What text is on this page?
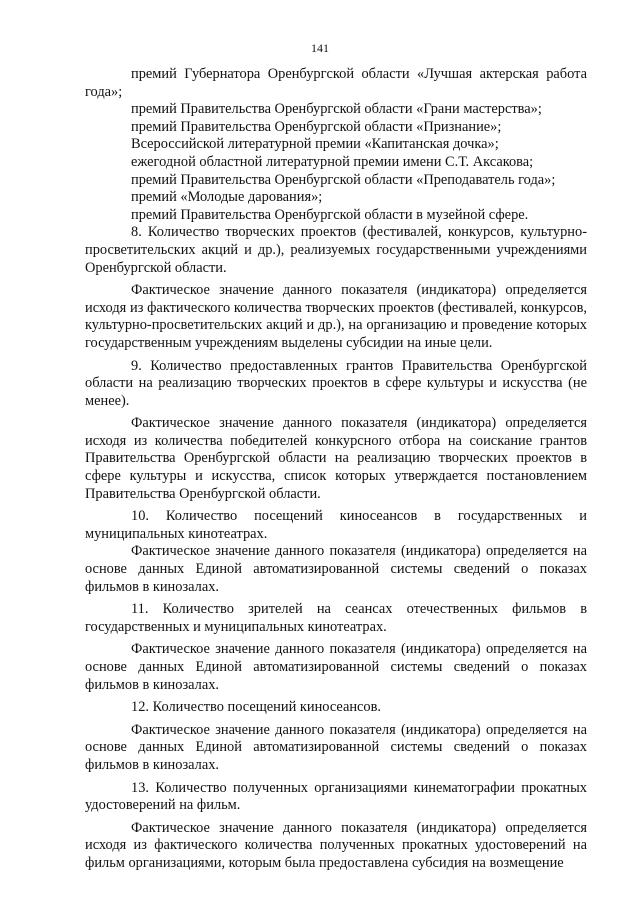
141

премий Губернатора Оренбургской области «Лучшая актерская работа года»;

премий Правительства Оренбургской области «Грани мастерства»;

премий Правительства Оренбургской области «Признание»;

Всероссийской литературной премии «Капитанская дочка»;

ежегодной областной литературной премии имени С.Т. Аксакова;

премий Правительства Оренбургской области «Преподаватель года»;

премий «Молодые дарования»;

премий Правительства Оренбургской области в музейной сфере.

8. Количество творческих проектов (фестивалей, конкурсов, культурно-просветительских акций и др.), реализуемых государственными учреждениями Оренбургской области.

Фактическое значение данного показателя (индикатора) определяется исходя из фактического количества творческих проектов (фестивалей, конкурсов, культурно-просветительских акций и др.), на организацию и проведение которых государственным учреждениям выделены субсидии на иные цели.

9. Количество предоставленных грантов Правительства Оренбургской области на реализацию творческих проектов в сфере культуры и искусства (не менее).

Фактическое значение данного показателя (индикатора) определяется исходя из количества победителей конкурсного отбора на соискание грантов Правительства Оренбургской области на реализацию творческих проектов в сфере культуры и искусства, список которых утверждается постановлением Правительства Оренбургской области.

10. Количество посещений киносеансов в государственных и муниципальных кинотеатрах.

Фактическое значение данного показателя (индикатора) определяется на основе данных Единой автоматизированной системы сведений о показах фильмов в кинозалах.

11. Количество зрителей на сеансах отечественных фильмов в государственных и муниципальных кинотеатрах.

Фактическое значение данного показателя (индикатора) определяется на основе данных Единой автоматизированной системы сведений о показах фильмов в кинозалах.

12. Количество посещений киносеансов.

Фактическое значение данного показателя (индикатора) определяется на основе данных Единой автоматизированной системы сведений о показах фильмов в кинозалах.

13. Количество полученных организациями кинематографии прокатных удостоверений на фильм.

Фактическое значение данного показателя (индикатора) определяется исходя из фактического количества полученных прокатных удостоверений на фильм организациями, которым была предоставлена субсидия на возмещение
